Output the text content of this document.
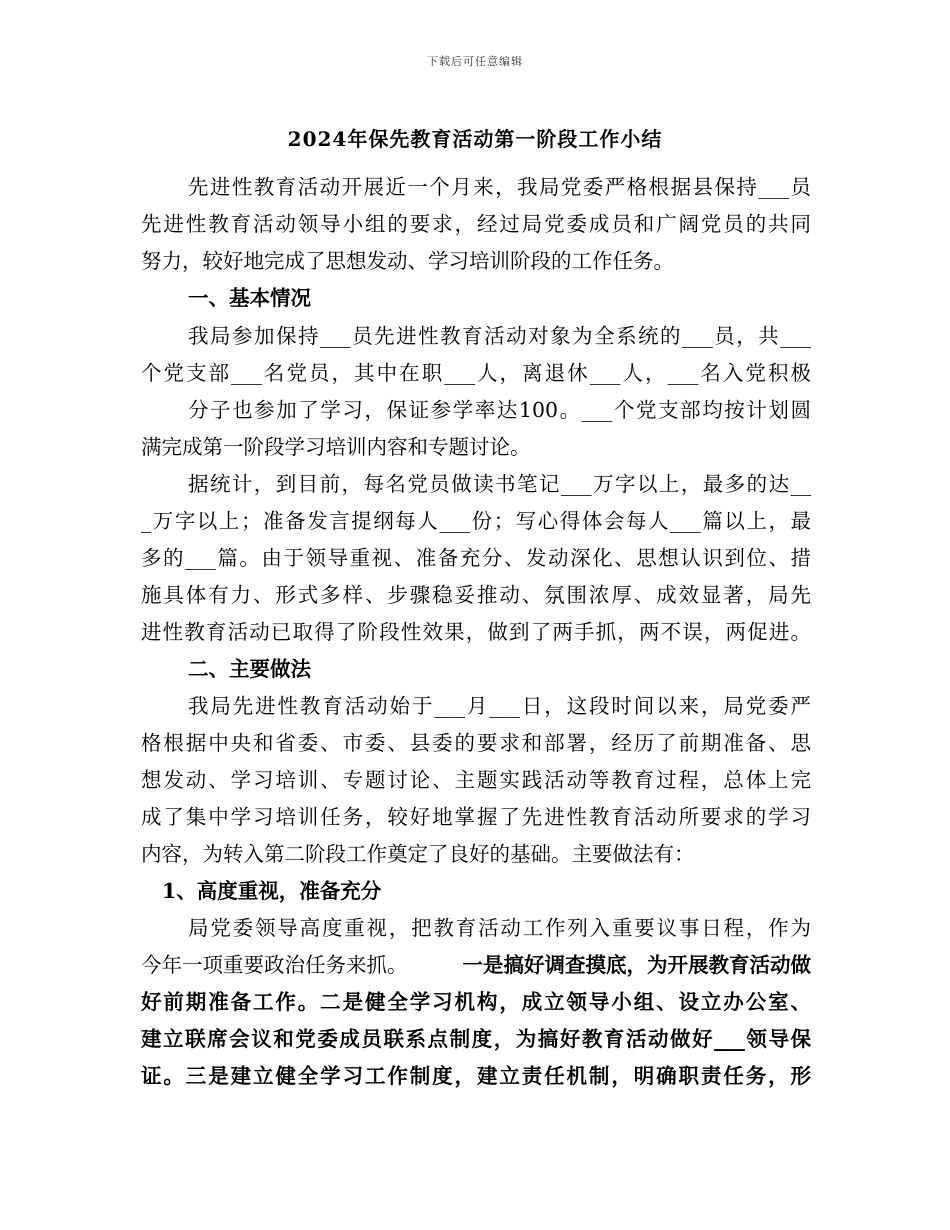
下载后可任意编辑
2024年保先教育活动第一阶段工作小结
先进性教育活动开展近一个月来，我局党委严格根据县保持___员
先进性教育活动领导小组的要求，经过局党委成员和广阔党员的共同
努力，较好地完成了思想发动、学习培训阶段的工作任务。
一、基本情况
我局参加保持___员先进性教育活动对象为全系统的___员，共___
个党支部___名党员，其中在职___人，离退休___人，___名入党积极
分子也参加了学习，保证参学率达100。___个党支部均按计划圆
满完成第一阶段学习培训内容和专题讨论。
据统计，到目前，每名党员做读书笔记___万字以上，最多的达__
_万字以上；准备发言提纲每人___份；写心得体会每人___篇以上，最
多的___篇。由于领导重视、准备充分、发动深化、思想认识到位、措
施具体有力、形式多样、步骤稳妥推动、氛围浓厚、成效显著，局先
进性教育活动已取得了阶段性效果，做到了两手抓，两不误，两促进。
二、主要做法
我局先进性教育活动始于___月___日，这段时间以来，局党委严
格根据中央和省委、市委、县委的要求和部署，经历了前期准备、思
想发动、学习培训、专题讨论、主题实践活动等教育过程，总体上完
成了集中学习培训任务，较好地掌握了先进性教育活动所要求的学习
内容，为转入第二阶段工作奠定了良好的基础。主要做法有：
1、高度重视，准备充分
局党委领导高度重视，把教育活动工作列入重要议事日程，作为
今年一项重要政治任务来抓。	一是搞好调查摸底，为开展教育活动做
好前期准备工作。二是健全学习机构，成立领导小组、设立办公室、
建立联席会议和党委成员联系点制度，为搞好教育活动做好___领导保
证。三是建立健全学习工作制度，建立责任机制，明确职责任务，形
